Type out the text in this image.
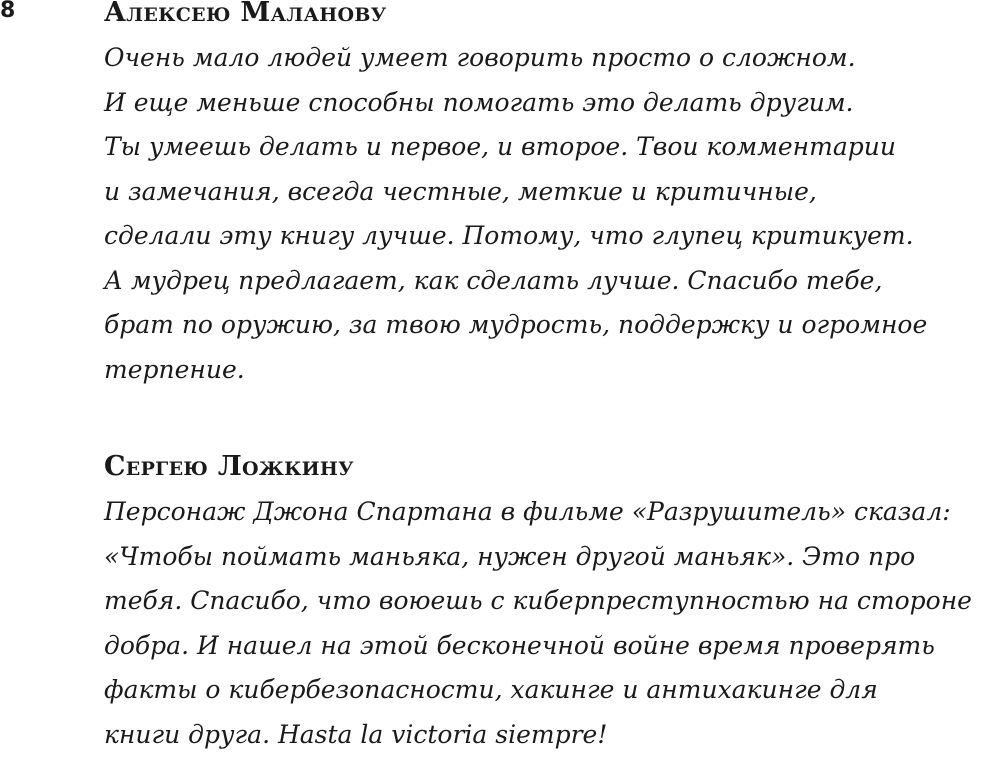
8	Алексею Маланову
Очень мало людей умеет говорить просто о сложном.
И еще меньше способны помогать это делать другим.
Ты умеешь делать и первое, и второе. Твои комментарии
и замечания, всегда честные, меткие и критичные,
сделали эту книгу лучше. Потому, что глупец критикует.
А мудрец предлагает, как сделать лучше. Спасибо тебе,
брат по оружию, за твою мудрость, поддержку и огромное
терпение.
Сергею Ложкину
Персонаж Джона Спартана в фильме «Разрушитель» сказал:
«Чтобы поймать маньяка, нужен другой маньяк». Это про
тебя. Спасибо, что воюешь с киберпреступностью на стороне
добра. И нашел на этой бесконечной войне время проверять
факты о кибербезопасности, хакинге и антихакинге для
книги друга. Hasta la victoria siempre!
